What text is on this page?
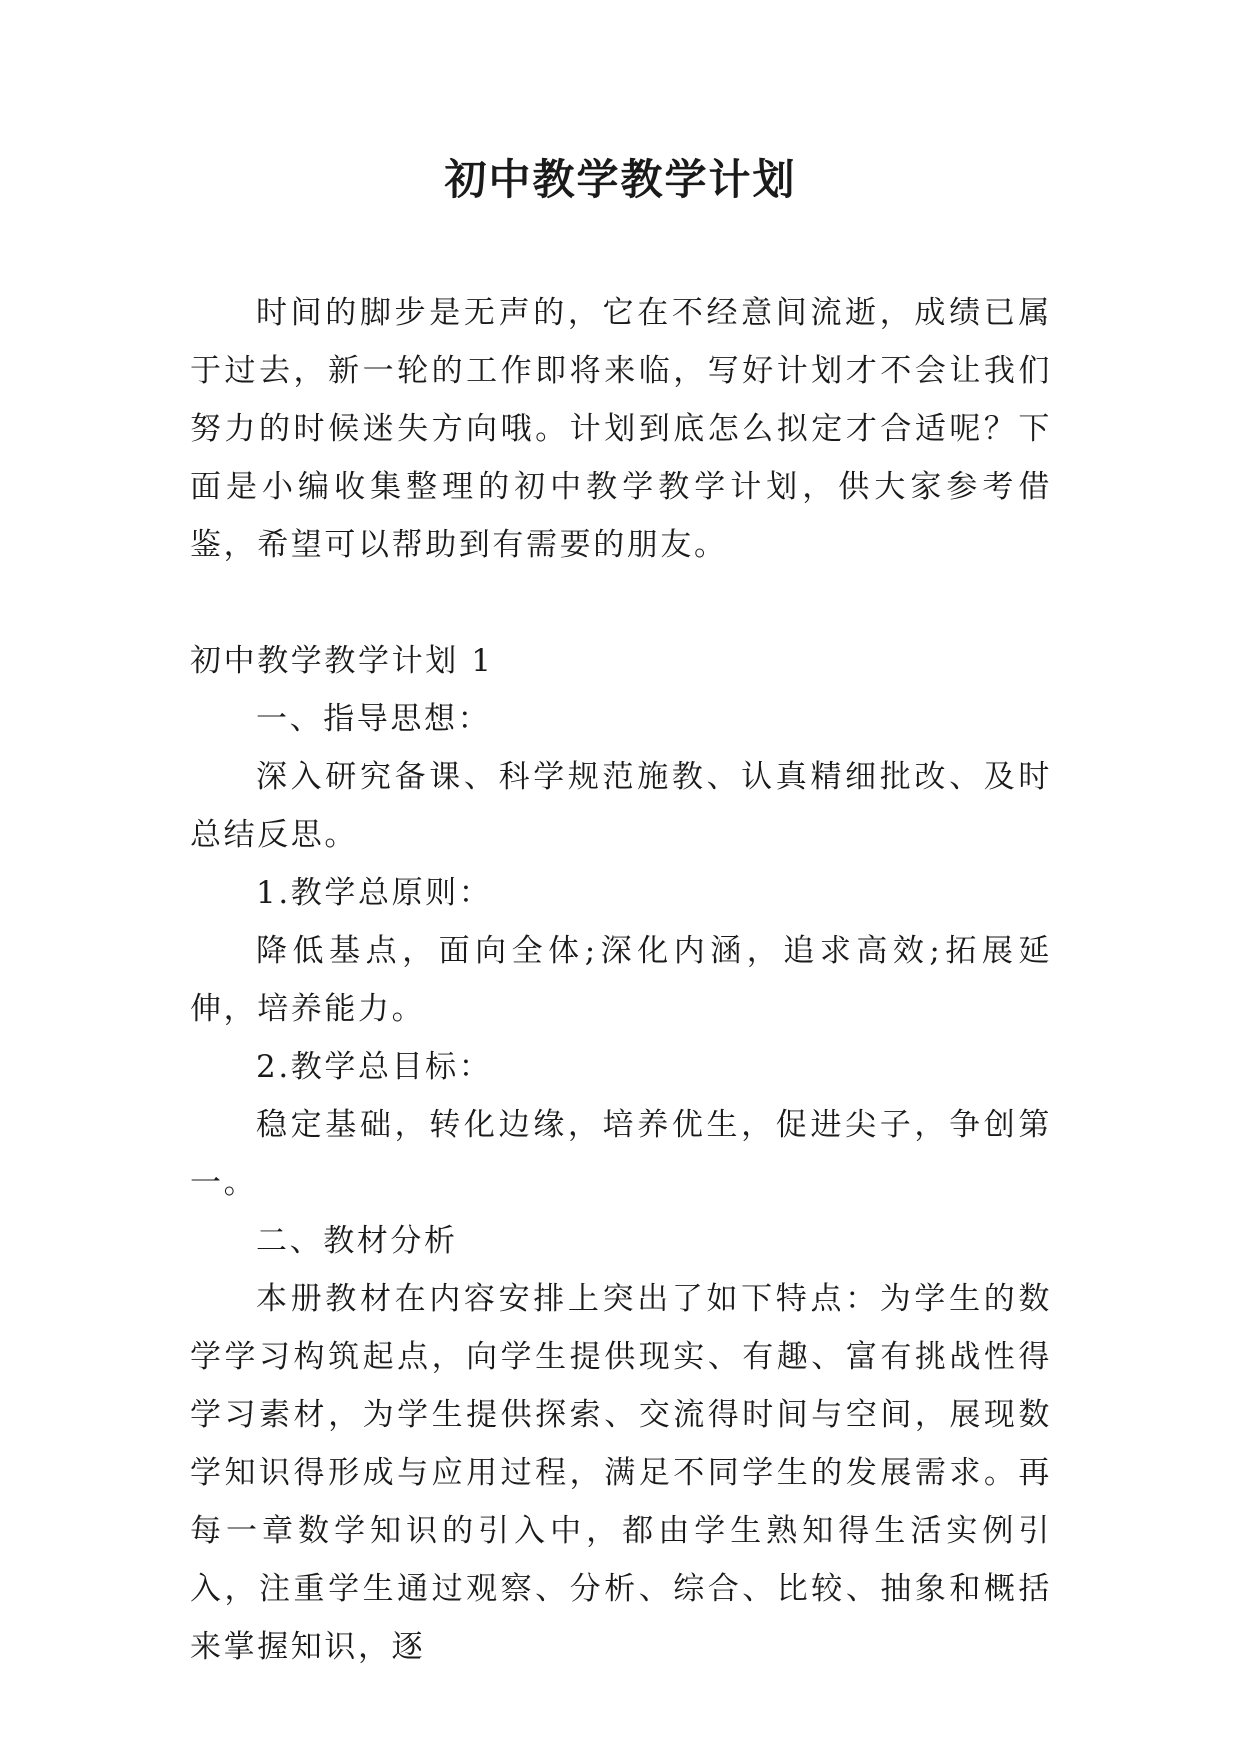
初中教学教学计划

时间的脚步是无声的，它在不经意间流逝，成绩已属于过去，新一轮的工作即将来临，写好计划才不会让我们努力的时候迷失方向哦。计划到底怎么拟定才合适呢？下面是小编收集整理的初中教学教学计划，供大家参考借鉴，希望可以帮助到有需要的朋友。

初中教学教学计划 1

一、指导思想：

深入研究备课、科学规范施教、认真精细批改、及时总结反思。

1.教学总原则：

降低基点，面向全体;深化内涵，追求高效;拓展延伸，培养能力。

2.教学总目标：

稳定基础，转化边缘，培养优生，促进尖子，争创第一。

二、教材分析

本册教材在内容安排上突出了如下特点：为学生的数学学习构筑起点，向学生提供现实、有趣、富有挑战性得学习素材，为学生提供探索、交流得时间与空间，展现数学知识得形成与应用过程，满足不同学生的发展需求。再每一章数学知识的引入中，都由学生熟知得生活实例引入，注重学生通过观察、分析、综合、比较、抽象和概括来掌握知识，逐
